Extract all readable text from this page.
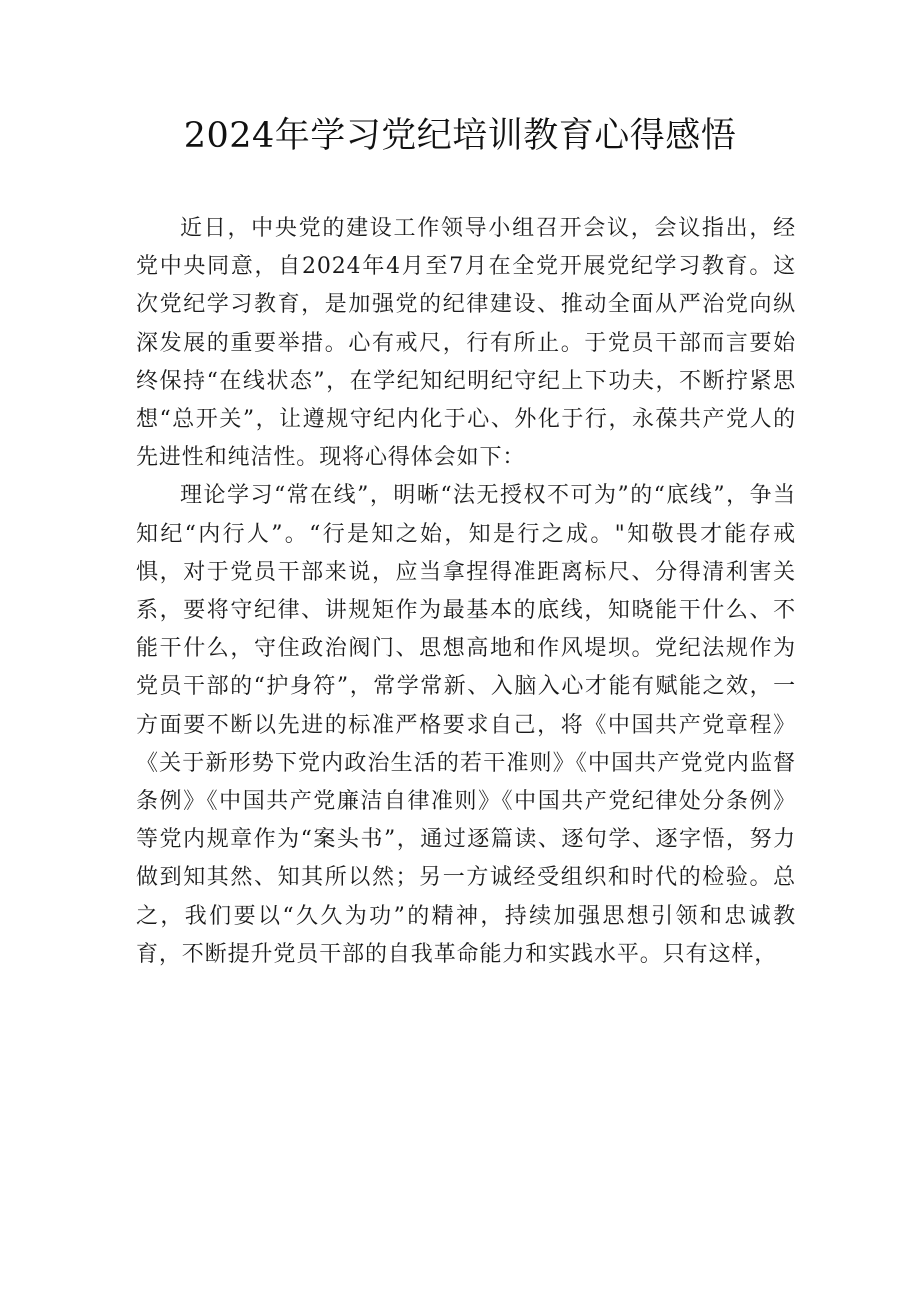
2024年学习党纪培训教育心得感悟

近日，中央党的建设工作领导小组召开会议，会议指出，经党中央同意，自2024年4月至7月在全党开展党纪学习教育。这次党纪学习教育，是加强党的纪律建设、推动全面从严治党向纵深发展的重要举措。心有戒尺，行有所止。于党员干部而言要始终保持“在线状态”，在学纪知纪明纪守纪上下功夫，不断拧紧思想“总开关”，让遵规守纪内化于心、外化于行，永葆共产党人的先进性和纯洁性。现将心得体会如下：

理论学习“常在线”，明晰“法无授权不可为”的“底线”，争当知纪“内行人”。“行是知之始，知是行之成。"知敬畏才能存戒惧，对于党员干部来说，应当拿捏得准距离标尺、分得清利害关系，要将守纪律、讲规矩作为最基本的底线，知晓能干什么、不能干什么，守住政治阀门、思想高地和作风堤坝。党纪法规作为党员干部的“护身符”，常学常新、入脑入心才能有赋能之效，一方面要不断以先进的标准严格要求自己，将《中国共产党章程》《关于新形势下党内政治生活的若干准则》《中国共产党党内监督条例》《中国共产党廉洁自律准则》《中国共产党纪律处分条例》等党内规章作为“案头书”，通过逐篇读、逐句学、逐字悟，努力做到知其然、知其所以然；另一方诚经受组织和时代的检验。总之，我们要以“久久为功”的精神，持续加强思想引领和忠诚教育，不断提升党员干部的自我革命能力和实践水平。只有这样，
